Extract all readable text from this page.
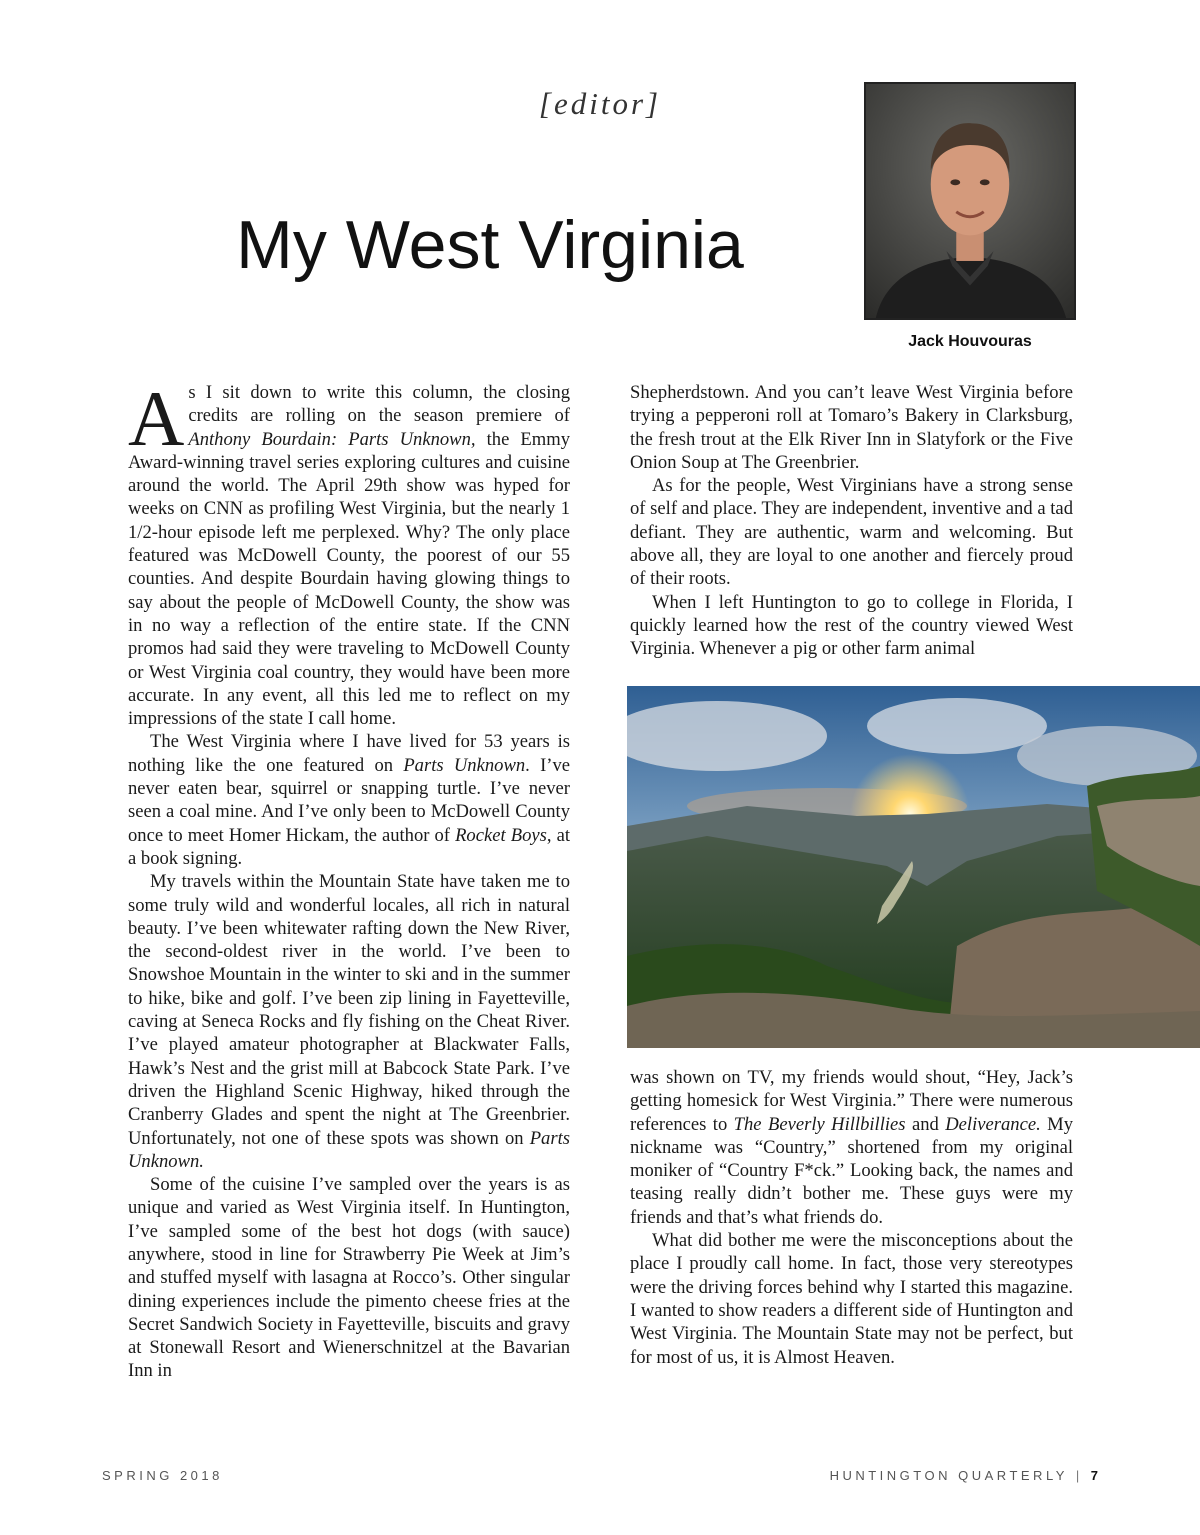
[editor]
My West Virginia
Jack Houvouras
A s I sit down to write this column, the closing credits are rolling on the season premiere of Anthony Bourdain: Parts Unknown, the Emmy Award-winning travel series exploring cultures and cuisine around the world. The April 29th show was hyped for weeks on CNN as profiling West Virginia, but the nearly 1 1/2-hour episode left me perplexed. Why? The only place featured was McDowell County, the poorest of our 55 counties. And despite Bourdain having glowing things to say about the people of McDowell County, the show was in no way a reflection of the entire state. If the CNN promos had said they were traveling to McDowell County or West Virginia coal country, they would have been more accurate. In any event, all this led me to reflect on my impressions of the state I call home.

The West Virginia where I have lived for 53 years is nothing like the one featured on Parts Unknown. I’ve never eaten bear, squirrel or snapping turtle. I’ve never seen a coal mine. And I’ve only been to McDowell County once to meet Homer Hickam, the author of Rocket Boys, at a book signing.

My travels within the Mountain State have taken me to some truly wild and wonderful locales, all rich in natural beauty. I’ve been whitewater rafting down the New River, the second-oldest river in the world. I’ve been to Snowshoe Mountain in the winter to ski and in the summer to hike, bike and golf. I’ve been zip lining in Fayetteville, caving at Seneca Rocks and fly fishing on the Cheat River. I’ve played amateur photographer at Blackwater Falls, Hawk’s Nest and the grist mill at Babcock State Park. I’ve driven the Highland Scenic Highway, hiked through the Cranberry Glades and spent the night at The Greenbrier. Unfortunately, not one of these spots was shown on Parts Unknown.

Some of the cuisine I’ve sampled over the years is as unique and varied as West Virginia itself. In Huntington, I’ve sampled some of the best hot dogs (with sauce) anywhere, stood in line for Strawberry Pie Week at Jim’s and stuffed myself with lasagna at Rocco’s. Other singular dining experiences include the pimento cheese fries at the Secret Sandwich Society in Fayetteville, biscuits and gravy at Stonewall Resort and Wienerschnitzel at the Bavarian Inn in

Shepherdstown. And you can’t leave West Virginia before trying a pepperoni roll at Tomaro’s Bakery in Clarksburg, the fresh trout at the Elk River Inn in Slatyfork or the Five Onion Soup at The Greenbrier.

As for the people, West Virginians have a strong sense of self and place. They are independent, inventive and a tad defiant. They are authentic, warm and welcoming. But above all, they are loyal to one another and fiercely proud of their roots.

When I left Huntington to go to college in Florida, I quickly learned how the rest of the country viewed West Virginia. Whenever a pig or other farm animal

was shown on TV, my friends would shout, “Hey, Jack’s getting homesick for West Virginia.” There were numerous references to The Beverly Hillbillies and Deliverance. My nickname was “Country,” shortened from my original moniker of “Country F*ck.” Looking back, the names and teasing really didn’t bother me. These guys were my friends and that’s what friends do.

What did bother me were the misconceptions about the place I proudly call home. In fact, those very stereotypes were the driving forces behind why I started this magazine. I wanted to show readers a different side of Huntington and West Virginia. The Mountain State may not be perfect, but for most of us, it is Almost Heaven.

SPRING 2018	HUNTINGTON QUARTERLY | 7
